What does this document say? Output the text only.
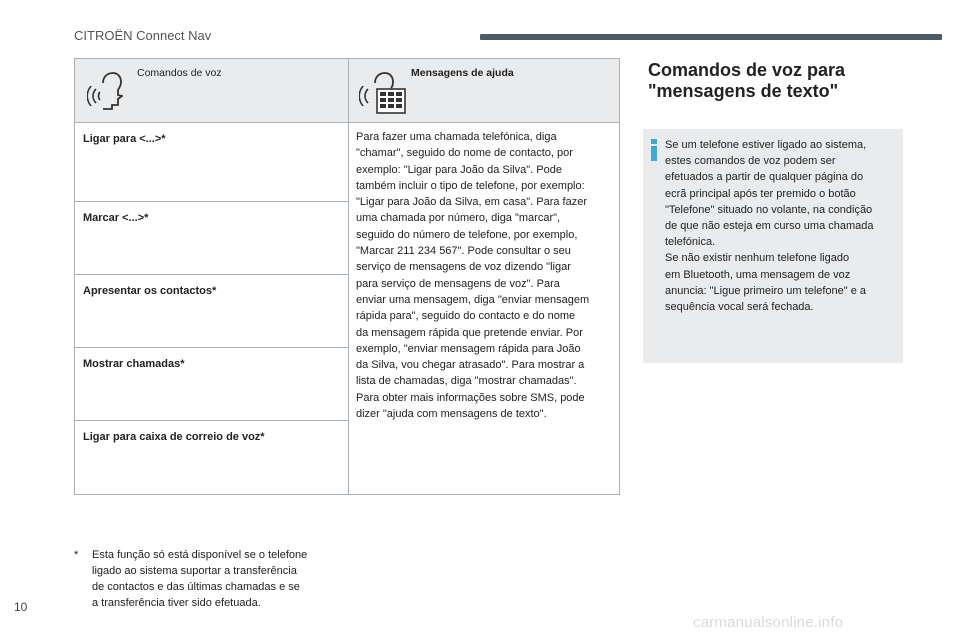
CITROËN Connect Nav
Comandos de voz	Mensagens de ajuda
Ligar para <...>*
Marcar <...>*
Apresentar os contactos*
Mostrar chamadas*
Ligar para caixa de correio de voz*
Para fazer uma chamada telefónica, diga
"chamar", seguido do nome de contacto, por
exemplo: "Ligar para João da Silva". Pode
também incluir o tipo de telefone, por exemplo:
"Ligar para João da Silva, em casa". Para fazer
uma chamada por número, diga "marcar",
seguido do número de telefone, por exemplo,
"Marcar 211 234 567". Pode consultar o seu
serviço de mensagens de voz dizendo "ligar
para serviço de mensagens de voz". Para
enviar uma mensagem, diga "enviar mensagem
rápida para", seguido do contacto e do nome
da mensagem rápida que pretende enviar. Por
exemplo, "enviar mensagem rápida para João
da Silva, vou chegar atrasado". Para mostrar a
lista de chamadas, diga "mostrar chamadas".
Para obter mais informações sobre SMS, pode
dizer "ajuda com mensagens de texto".
* Esta função só está disponível se o telefone
ligado ao sistema suportar a transferência
de contactos e das últimas chamadas e se
a transferência tiver sido efetuada.
Comandos de voz para
"mensagens de texto"
Se um telefone estiver ligado ao sistema,
estes comandos de voz podem ser
efetuados a partir de qualquer página do
ecrã principal após ter premido o botão
"Telefone" situado no volante, na condição
de que não esteja em curso uma chamada
telefónica.
Se não existir nenhum telefone ligado
em Bluetooth, uma mensagem de voz
anuncia: "Ligue primeiro um telefone" e a
sequência vocal será fechada.
10
carmanualsonline.info
